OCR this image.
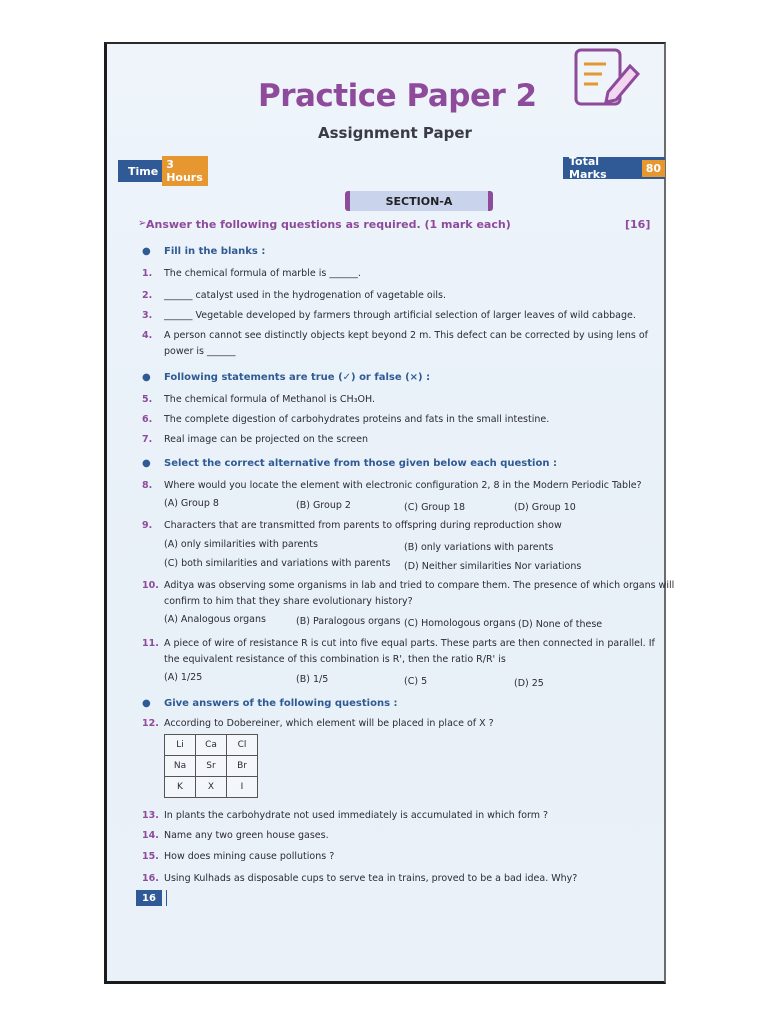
Practice Paper 2
Assignment Paper
Time 3 Hours
Total Marks	80
SECTION-A
➢ Answer the following questions as required. (1 mark each)	[16]
● Fill in the blanks :
1. The chemical formula of marble is ______.
2. ______ catalyst used in the hydrogenation of vagetable oils.
3. ______ Vegetable developed by farmers through artificial selection of larger leaves of wild cabbage.
4. A person cannot see distinctly objects kept beyond 2 m. This defect can be corrected by using lens of
power is ______
● Following statements are true (✓) or false (×) :
5. The chemical formula of Methanol is CH₃OH.
6. The complete digestion of carbohydrates proteins and fats in the small intestine.
7. Real image can be projected on the screen
● Select the correct alternative from those given below each question :
8. Where would you locate the element with electronic configuration 2, 8 in the Modern Periodic Table?
(A) Group 8	(B) Group 2	(C) Group 18	(D) Group 10
9. Characters that are transmitted from parents to offspring during reproduction show
(A) only similarities with parents	(B) only variations with parents
(C) both similarities and variations with parents (D) Neither similarities Nor variations
10. Aditya was observing some organisms in lab and tried to compare them. The presence of which organs will
confirm to him that they share evolutionary history?
(A) Analogous organs	(B) Paralogous organs (C) Homologous organs (D) None of these
11. A piece of wire of resistance R is cut into five equal parts. These parts are then connected in parallel. If
the equivalent resistance of this combination is R', then the ratio R/R' is
(A) 1/25	(B) 1/5	(C) 5	(D) 25
● Give answers of the following questions :
12. According to Dobereiner, which element will be placed in place of X ?
Li	Ca	Cl
Na	Sr	Br
K	X	I
13. In plants the carbohydrate not used immediately is accumulated in which form ?
14. Name any two green house gases.
15. How does mining cause pollutions ?
16. Using Kulhads as disposable cups to serve tea in trains, proved to be a bad idea. Why?
16
